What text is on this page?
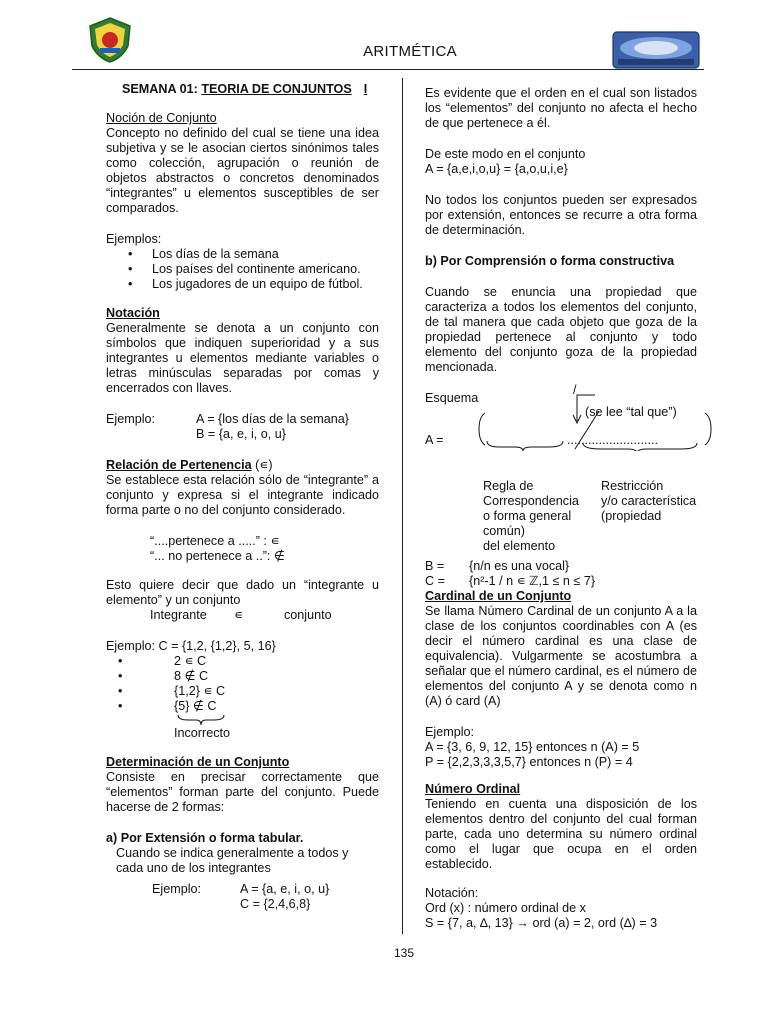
ARITMÉTICA

SEMANA 01: TEORIA DE CONJUNTOS I

Noción de Conjunto

Concepto no definido del cual se tiene una idea subjetiva y se le asocian ciertos sinónimos tales como colección, agrupación o reunión de objetos abstractos o concretos denominados “integrantes” u elementos susceptibles de ser comparados.

Ejemplos:

• Los días de la semana
• Los países del continente americano.
• Los jugadores de un equipo de fútbol.

Notación

Generalmente se denota a un conjunto con símbolos que indiquen superioridad y a sus integrantes u elementos mediante variables o letras minúsculas separadas por comas y encerrados con llaves.

Ejemplo:	A = {los días de la semana}

B = {a, e, i, o, u}

Relación de Pertenencia (∊)

Se establece esta relación sólo de “integrante” a conjunto y expresa si el integrante indicado forma parte o no del conjunto considerado.

“....pertenece a .....” : ∊

“... no pertenece a ..”: ∉

Esto quiere decir que dado un “integrante u elemento” y un conjunto

Integrante	∊	conjunto

Ejemplo: C = {1,2, {1,2}, 5, 16}

• 2 ∊ C
• 8 ∉ C
• {1,2} ∊ C
• {5} ∉ C

Incorrecto

Determinación de un Conjunto

Consiste en precisar correctamente que “elementos” forman parte del conjunto. Puede hacerse de 2 formas:

a) Por Extensión o forma tabular.

Cuando se indica generalmente a todos y cada uno de los integrantes

Ejemplo:	A = {a, e, i, o, u}

C = {2,4,6,8}

Es evidente que el orden en el cual son listados los “elementos” del conjunto no afecta el hecho de que pertenece a él.

De este modo en el conjunto

A = {a,e,i,o,u} = {a,o,u,i,e}

No todos los conjuntos pueden ser expresados por extensión, entonces se recurre a otra forma de determinación.

b) Por Comprensión o forma constructiva

Cuando se enuncia una propiedad que caracteriza a todos los elementos del conjunto, de tal manera que cada objeto que goza de la propiedad pertenece al conjunto y todo elemento del conjunto goza de la propiedad mencionada.

Esquema
/
(se lee “tal que”)
A =	..........................

Regla de

Correspondencia

o forma general

común)

del elemento

Restricción

y/o característica

(propiedad

B =	{n/n es una vocal}
C =	{n²-1 / n ∊ ℤ,1 ≤ n ≤ 7}

Cardinal de un Conjunto

Se llama Número Cardinal de un conjunto A a la clase de los conjuntos coordinables con A (es decir el número cardinal es una clase de equivalencia). Vulgarmente se acostumbra a señalar que el número cardinal, es el número de elementos del conjunto A y se denota como n (A) ó card (A)

Ejemplo:

A = {3, 6, 9, 12, 15} entonces n (A) = 5

P = {2,2,3,3,3,5,7} entonces n (P) = 4

Número Ordinal

Teniendo en cuenta una disposición de los elementos dentro del conjunto del cual forman parte, cada uno determina su número ordinal como el lugar que ocupa en el orden establecido.

Notación:

Ord (x) : número ordinal de x

S = {7, a, ∆, 13} → ord (a) = 2, ord (∆) = 3

135
